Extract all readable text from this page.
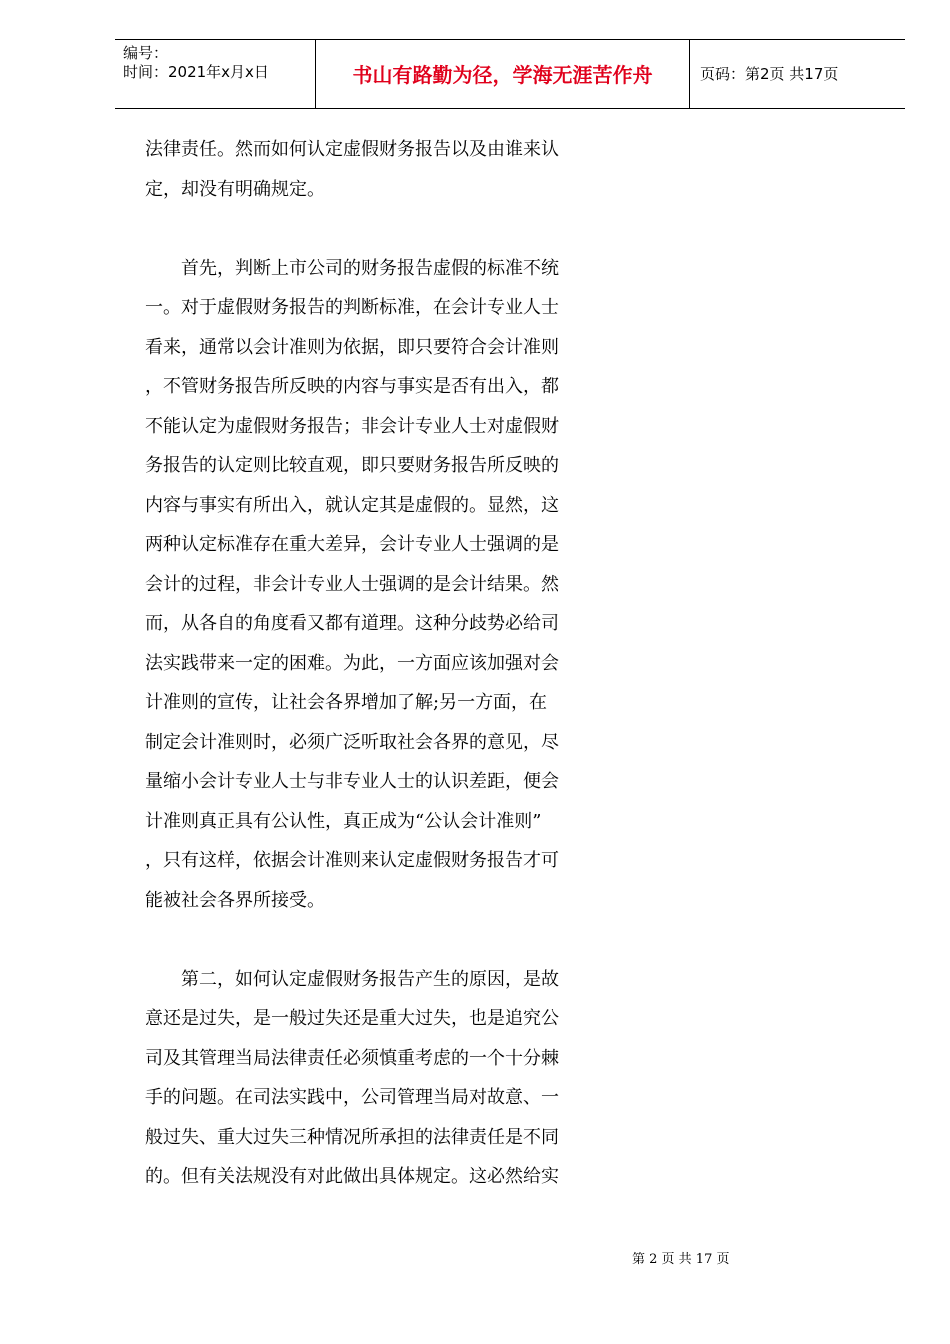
编号：
时间：2021年x月x日	书山有路勤为径，学海无涯苦作舟	页码：第2页 共17页
法律责任。然而如何认定虚假财务报告以及由谁来认
定，却没有明确规定。
　　首先，判断上市公司的财务报告虚假的标准不统
一。对于虚假财务报告的判断标准，在会计专业人士
看来，通常以会计准则为依据，即只要符合会计准则
，不管财务报告所反映的内容与事实是否有出入，都
不能认定为虚假财务报告；非会计专业人士对虚假财
务报告的认定则比较直观，即只要财务报告所反映的
内容与事实有所出入，就认定其是虚假的。显然，这
两种认定标准存在重大差异，会计专业人士强调的是
会计的过程，非会计专业人士强调的是会计结果。然
而，从各自的角度看又都有道理。这种分歧势必给司
法实践带来一定的困难。为此，一方面应该加强对会
计准则的宣传，让社会各界增加了解;另一方面，在
制定会计准则时，必须广泛听取社会各界的意见，尽
量缩小会计专业人士与非专业人士的认识差距，便会
计准则真正具有公认性，真正成为“公认会计准则”
，只有这样，依据会计准则来认定虚假财务报告才可
能被社会各界所接受。
　　第二，如何认定虚假财务报告产生的原因，是故
意还是过失，是一般过失还是重大过失，也是追究公
司及其管理当局法律责任必须慎重考虑的一个十分棘
手的问题。在司法实践中，公司管理当局对故意、一
般过失、重大过失三种情况所承担的法律责任是不同
的。但有关法规没有对此做出具体规定。这必然给实
第 2 页 共 17 页
